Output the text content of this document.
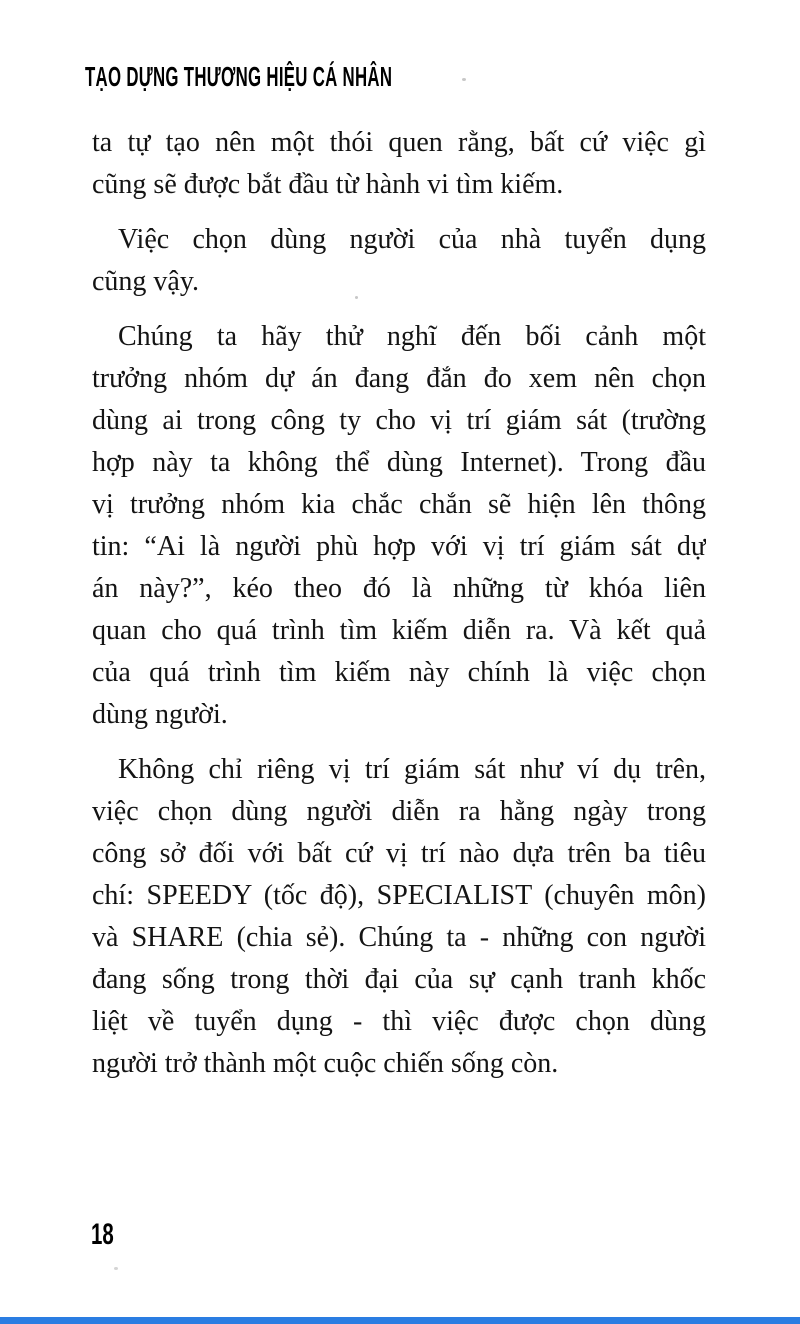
TẠO DỰNG THƯƠNG HIỆU CÁ NHÂN
ta tự tạo nên một thói quen rằng, bất cứ việc gì
cũng sẽ được bắt đầu từ hành vi tìm kiếm.
Việc chọn dùng người của nhà tuyển dụng
cũng vậy.
Chúng ta hãy thử nghĩ đến bối cảnh một
trưởng nhóm dự án đang đắn đo xem nên chọn
dùng ai trong công ty cho vị trí giám sát (trường
hợp này ta không thể dùng Internet). Trong đầu
vị trưởng nhóm kia chắc chắn sẽ hiện lên thông
tin: “Ai là người phù hợp với vị trí giám sát dự
án này?”, kéo theo đó là những từ khóa liên
quan cho quá trình tìm kiếm diễn ra. Và kết quả
của quá trình tìm kiếm này chính là việc chọn
dùng người.
Không chỉ riêng vị trí giám sát như ví dụ trên,
việc chọn dùng người diễn ra hằng ngày trong
công sở đối với bất cứ vị trí nào dựa trên ba tiêu
chí: SPEEDY (tốc độ), SPECIALIST (chuyên môn)
và SHARE (chia sẻ). Chúng ta - những con người
đang sống trong thời đại của sự cạnh tranh khốc
liệt về tuyển dụng - thì việc được chọn dùng
người trở thành một cuộc chiến sống còn.
18
